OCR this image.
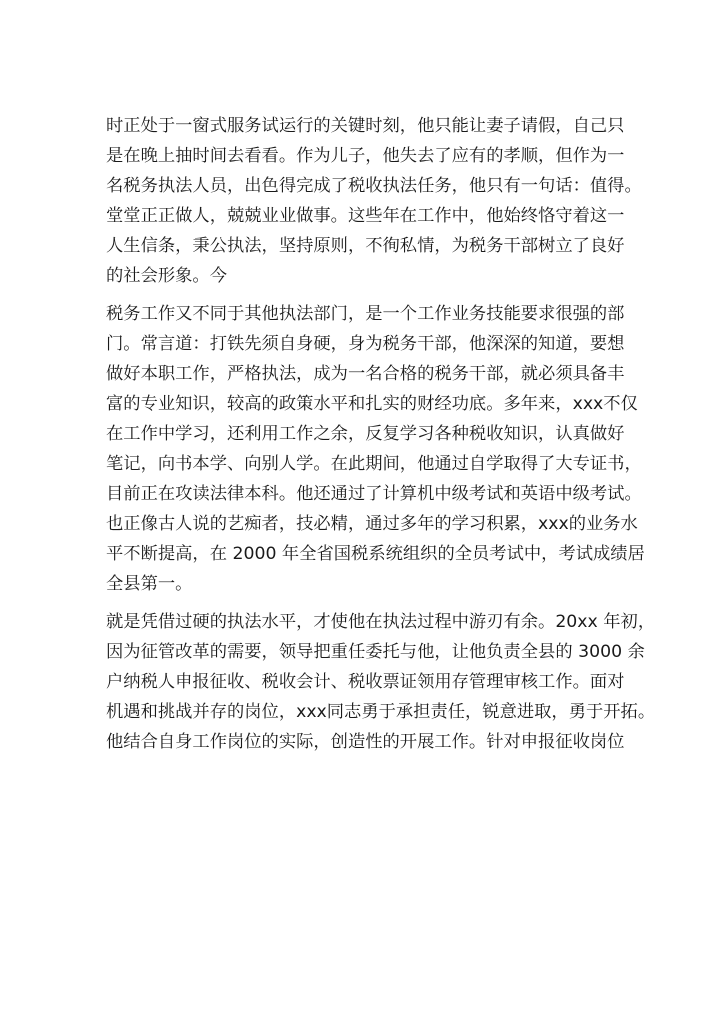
时正处于一窗式服务试运行的关键时刻，他只能让妻子请假，自己只
是在晚上抽时间去看看。作为儿子，他失去了应有的孝顺，但作为一
名税务执法人员，出色得完成了税收执法任务，他只有一句话：值得。
堂堂正正做人，兢兢业业做事。这些年在工作中，他始终恪守着这一
人生信条，秉公执法，坚持原则，不徇私情，为税务干部树立了良好
的社会形象。今

税务工作又不同于其他执法部门，是一个工作业务技能要求很强的部
门。常言道：打铁先须自身硬，身为税务干部，他深深的知道，要想
做好本职工作，严格执法，成为一名合格的税务干部，就必须具备丰
富的专业知识，较高的政策水平和扎实的财经功底。多年来，xxx不仅
在工作中学习，还利用工作之余，反复学习各种税收知识，认真做好
笔记，向书本学、向别人学。在此期间，他通过自学取得了大专证书，
目前正在攻读法律本科。他还通过了计算机中级考试和英语中级考试。
也正像古人说的艺痴者，技必精，通过多年的学习积累，xxx的业务水
平不断提高，在 2000 年全省国税系统组织的全员考试中，考试成绩居
全县第一。

就是凭借过硬的执法水平，才使他在执法过程中游刃有余。20xx 年初，
因为征管改革的需要，领导把重任委托与他，让他负责全县的 3000 余
户纳税人申报征收、税收会计、税收票证领用存管理审核工作。面对
机遇和挑战并存的岗位，xxx同志勇于承担责任，锐意进取，勇于开拓。
他结合自身工作岗位的实际，创造性的开展工作。针对申报征收岗位
